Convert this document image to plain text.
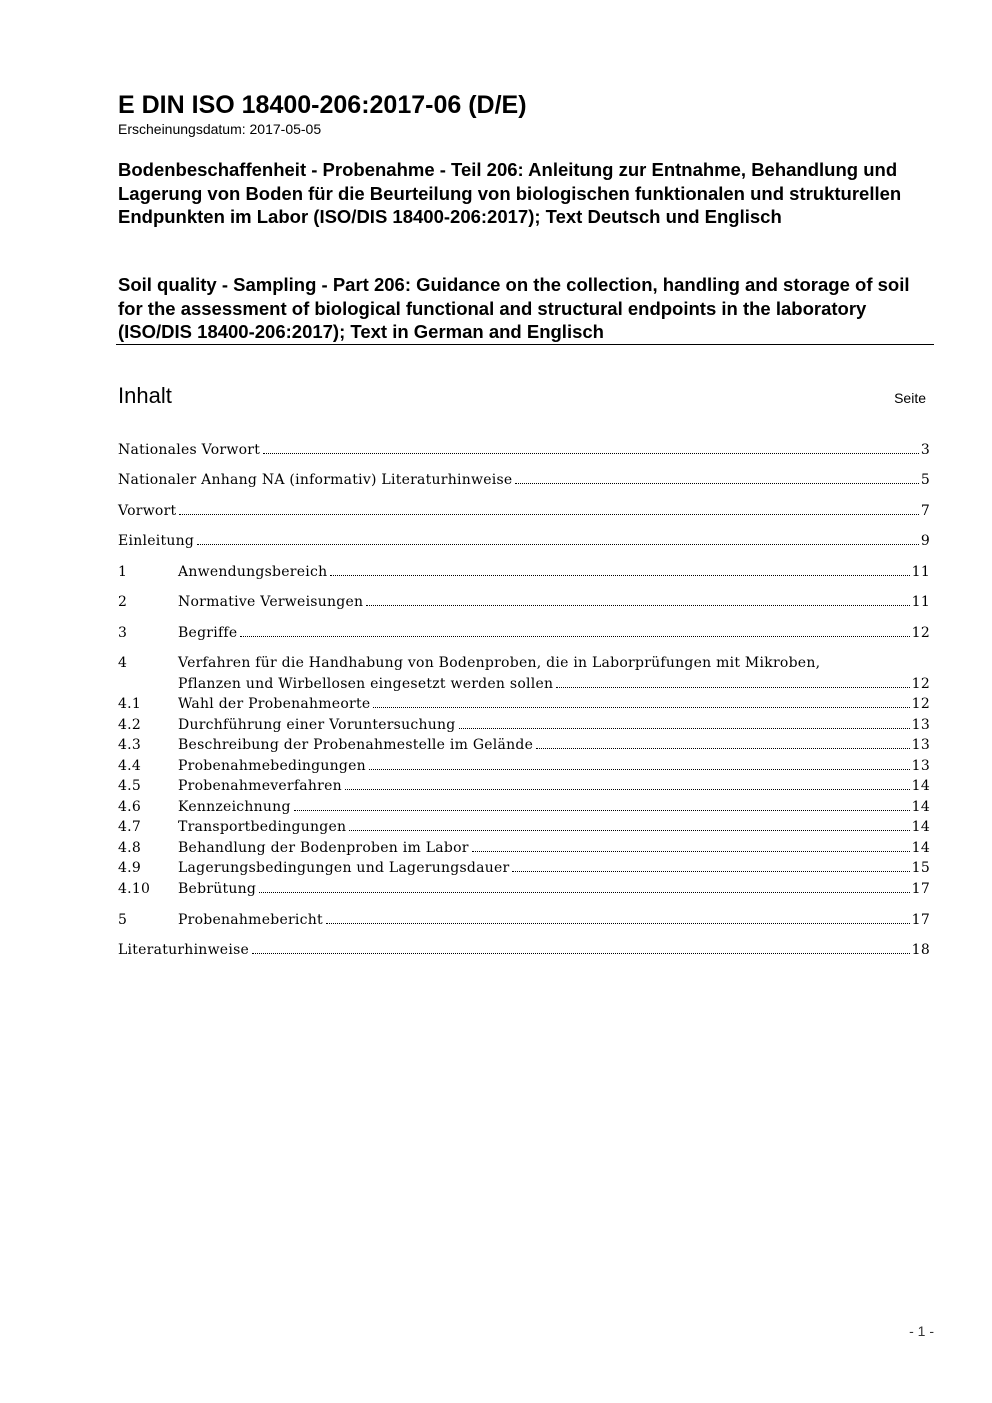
E DIN ISO 18400-206:2017-06 (D/E)
Erscheinungsdatum: 2017-05-05

Bodenbeschaffenheit - Probenahme - Teil 206: Anleitung zur Entnahme, Behandlung und Lagerung von Boden für die Beurteilung von biologischen funktionalen und strukturellen Endpunkten im Labor (ISO/DIS 18400-206:2017); Text Deutsch und Englisch

Soil quality - Sampling - Part 206: Guidance on the collection, handling and storage of soil for the assessment of biological functional and structural endpoints in the laboratory (ISO/DIS 18400-206:2017); Text in German and Englisch

Inhalt	Seite
Nationales Vorwort	3
Nationaler Anhang NA (informativ) Literaturhinweise	5
Vorwort	7
Einleitung	9
1	Anwendungsbereich	11
2	Normative Verweisungen	11
3	Begriffe	12
4	Verfahren für die Handhabung von Bodenproben, die in Laborprüfungen mit Mikroben,
Pflanzen und Wirbellosen eingesetzt werden sollen	12
4.1	Wahl der Probenahmeorte	12
4.2	Durchführung einer Voruntersuchung	13
4.3	Beschreibung der Probenahmestelle im Gelände	13
4.4	Probenahmebedingungen	13
4.5	Probenahmeverfahren	14
4.6	Kennzeichnung	14
4.7	Transportbedingungen	14
4.8	Behandlung der Bodenproben im Labor	14
4.9	Lagerungsbedingungen und Lagerungsdauer	15
4.10 Bebrütung	17
5	Probenahmebericht	17
Literaturhinweise	18
- 1 -
